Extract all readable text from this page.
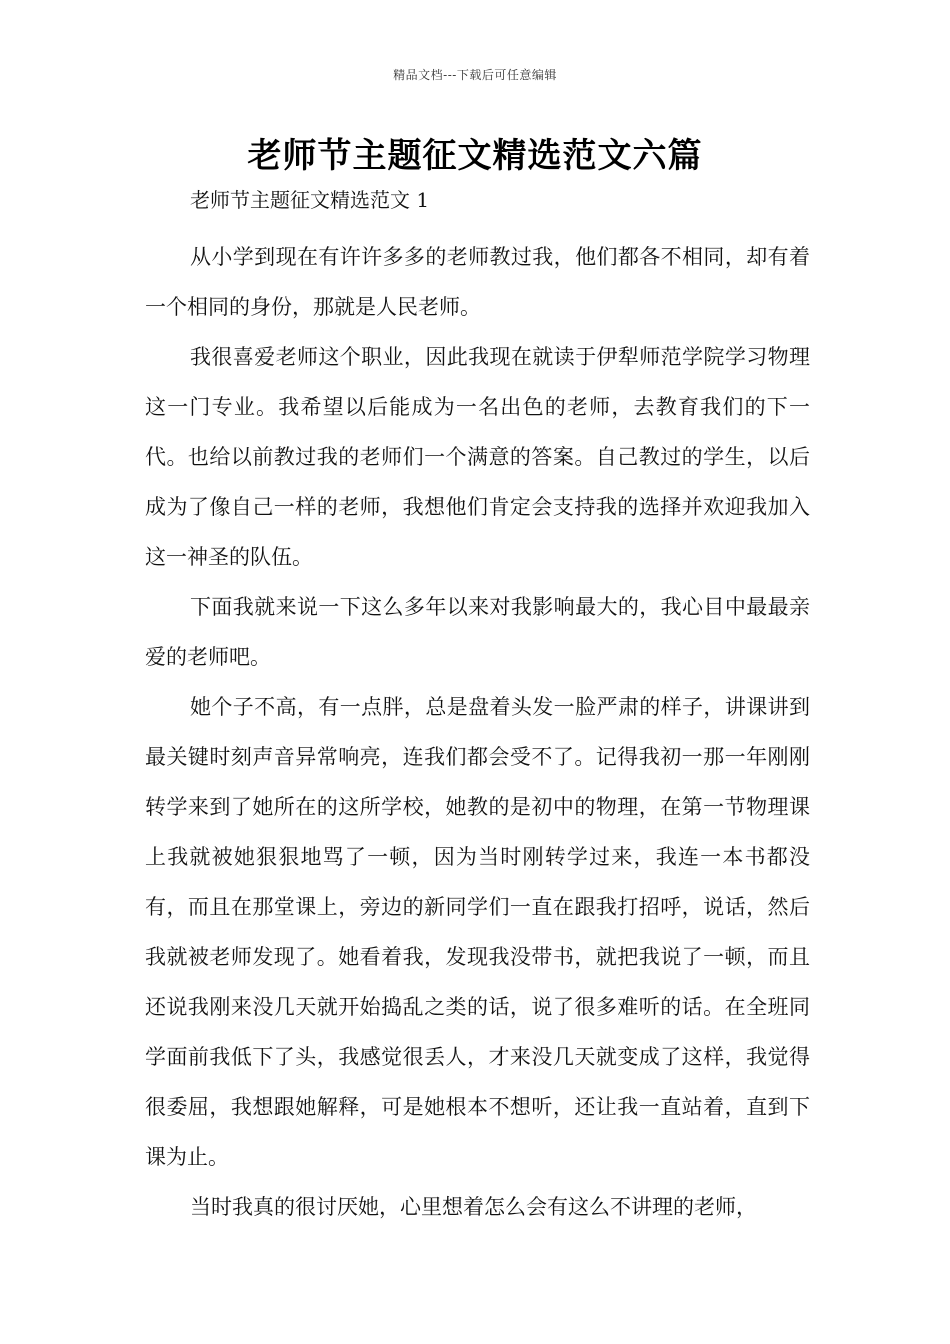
精品文档---下载后可任意编辑
老师节主题征文精选范文六篇
老师节主题征文精选范文 1

从小学到现在有许许多多的老师教过我，他们都各不相同，却有着一个相同的身份，那就是人民老师。

我很喜爱老师这个职业，因此我现在就读于伊犁师范学院学习物理这一门专业。我希望以后能成为一名出色的老师，去教育我们的下一代。也给以前教过我的老师们一个满意的答案。自己教过的学生，以后成为了像自己一样的老师，我想他们肯定会支持我的选择并欢迎我加入这一神圣的队伍。

下面我就来说一下这么多年以来对我影响最大的，我心目中最最亲爱的老师吧。

她个子不高，有一点胖，总是盘着头发一脸严肃的样子，讲课讲到最关键时刻声音异常响亮，连我们都会受不了。记得我初一那一年刚刚转学来到了她所在的这所学校，她教的是初中的物理，在第一节物理课上我就被她狠狠地骂了一顿，因为当时刚转学过来，我连一本书都没有，而且在那堂课上，旁边的新同学们一直在跟我打招呼，说话，然后我就被老师发现了。她看着我，发现我没带书，就把我说了一顿，而且还说我刚来没几天就开始捣乱之类的话，说了很多难听的话。在全班同学面前我低下了头，我感觉很丢人，才来没几天就变成了这样，我觉得很委屈，我想跟她解释，可是她根本不想听，还让我一直站着，直到下课为止。

当时我真的很讨厌她，心里想着怎么会有这么不讲理的老师，
